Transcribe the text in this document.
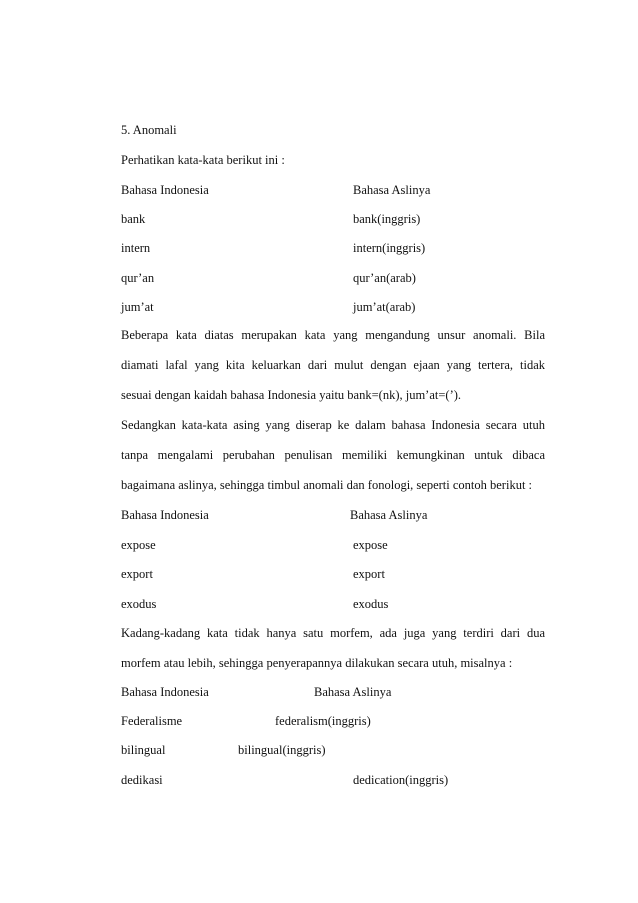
5. Anomali
Perhatikan kata-kata berikut ini :
Bahasa Indonesia	Bahasa Aslinya
bank	bank(inggris)
intern	intern(inggris)
qur’an	qur’an(arab)
jum’at	jum’at(arab)
Beberapa kata diatas merupakan kata yang mengandung unsur anomali. Bila
diamati lafal yang kita keluarkan dari mulut dengan ejaan yang tertera, tidak
sesuai dengan kaidah bahasa Indonesia yaitu bank=(nk), jum’at=(’).
Sedangkan kata-kata asing yang diserap ke dalam bahasa Indonesia secara utuh
tanpa mengalami perubahan penulisan memiliki kemungkinan untuk dibaca
bagaimana aslinya, sehingga timbul anomali dan fonologi, seperti contoh berikut :
Bahasa Indonesia	Bahasa Aslinya
expose	expose
export	export
exodus	exodus
Kadang-kadang kata tidak hanya satu morfem, ada juga yang terdiri dari dua
morfem atau lebih, sehingga penyerapannya dilakukan secara utuh, misalnya :
Bahasa Indonesia	Bahasa Aslinya
Federalisme	federalism(inggris)
bilingual	bilingual(inggris)
dedikasi	dedication(inggris)
